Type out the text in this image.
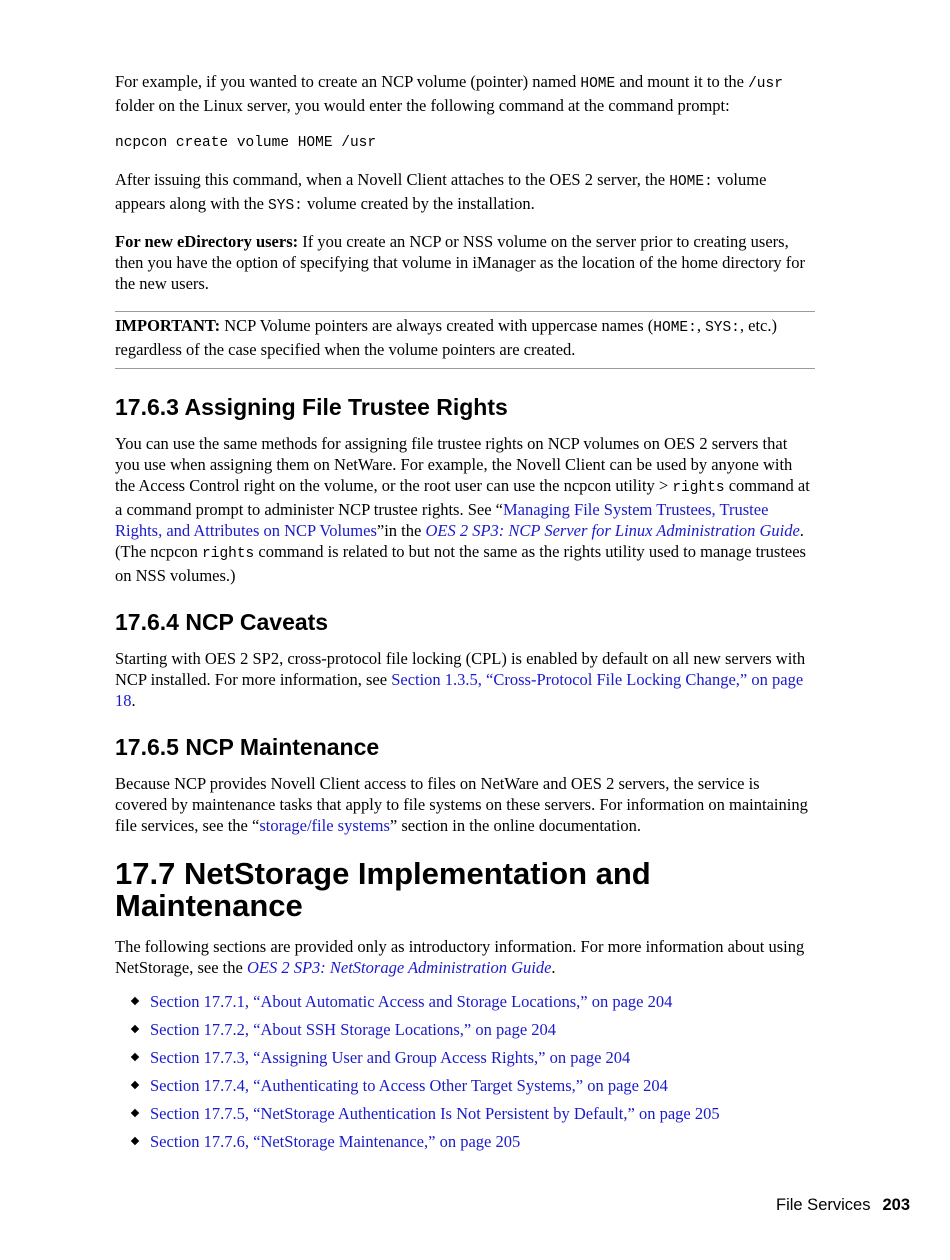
For example, if you wanted to create an NCP volume (pointer) named HOME and mount it to the /usr folder on the Linux server, you would enter the following command at the command prompt:

ncpcon create volume HOME /usr

After issuing this command, when a Novell Client attaches to the OES 2 server, the HOME: volume appears along with the SYS: volume created by the installation.

For new eDirectory users: If you create an NCP or NSS volume on the server prior to creating users, then you have the option of specifying that volume in iManager as the location of the home directory for the new users.

IMPORTANT: NCP Volume pointers are always created with uppercase names (HOME:, SYS:, etc.) regardless of the case specified when the volume pointers are created.

17.6.3 Assigning File Trustee Rights

You can use the same methods for assigning file trustee rights on NCP volumes on OES 2 servers that you use when assigning them on NetWare. For example, the Novell Client can be used by anyone with the Access Control right on the volume, or the root user can use the ncpcon utility > rights command at a command prompt to administer NCP trustee rights. See “Managing File System Trustees, Trustee Rights, and Attributes on NCP Volumes”in the OES 2 SP3: NCP Server for Linux Administration Guide. (The ncpcon rights command is related to but not the same as the rights utility used to manage trustees on NSS volumes.)

17.6.4 NCP Caveats

Starting with OES 2 SP2, cross-protocol file locking (CPL) is enabled by default on all new servers with NCP installed. For more information, see Section 1.3.5, “Cross-Protocol File Locking Change,” on page 18.

17.6.5 NCP Maintenance

Because NCP provides Novell Client access to files on NetWare and OES 2 servers, the service is covered by maintenance tasks that apply to file systems on these servers. For information on maintaining file services, see the “storage/file systems” section in the online documentation.

17.7 NetStorage Implementation and
Maintenance

The following sections are provided only as introductory information. For more information about using NetStorage, see the OES 2 SP3: NetStorage Administration Guide.

Section 17.7.1, “About Automatic Access and Storage Locations,” on page 204
Section 17.7.2, “About SSH Storage Locations,” on page 204
Section 17.7.3, “Assigning User and Group Access Rights,” on page 204
Section 17.7.4, “Authenticating to Access Other Target Systems,” on page 204
Section 17.7.5, “NetStorage Authentication Is Not Persistent by Default,” on page 205
Section 17.7.6, “NetStorage Maintenance,” on page 205
File Services 203
